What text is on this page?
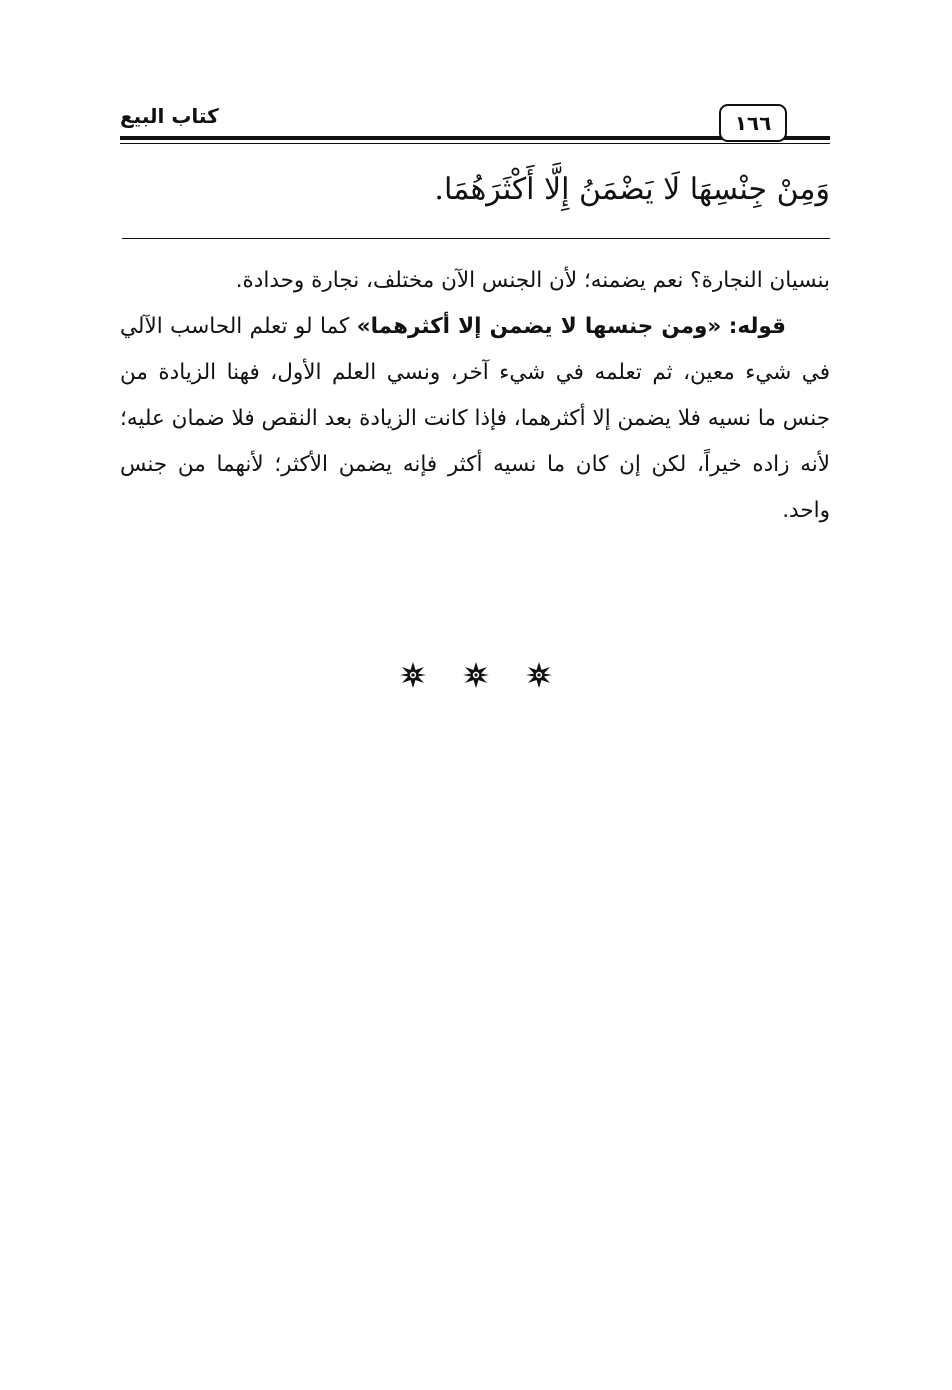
كتاب البيع	١٦٦
وَمِنْ جِنْسِهَا لَا يَضْمَنُ إِلَّا أَكْثَرَهُمَا.

بنسيان النجارة؟ نعم يضمنه؛ لأن الجنس الآن مختلف، نجارة وحدادة.

قوله: «ومن جنسها لا يضمن إلا أكثرهما» كما لو تعلم الحاسب الآلي في شيء معين، ثم تعلمه في شيء آخر، ونسي العلم الأول، فهنا الزيادة من جنس ما نسيه فلا يضمن إلا أكثرهما، فإذا كانت الزيادة بعد النقص فلا ضمان عليه؛ لأنه زاده خيراً، لكن إن كان ما نسيه أكثر فإنه يضمن الأكثر؛ لأنهما من جنس واحد.
